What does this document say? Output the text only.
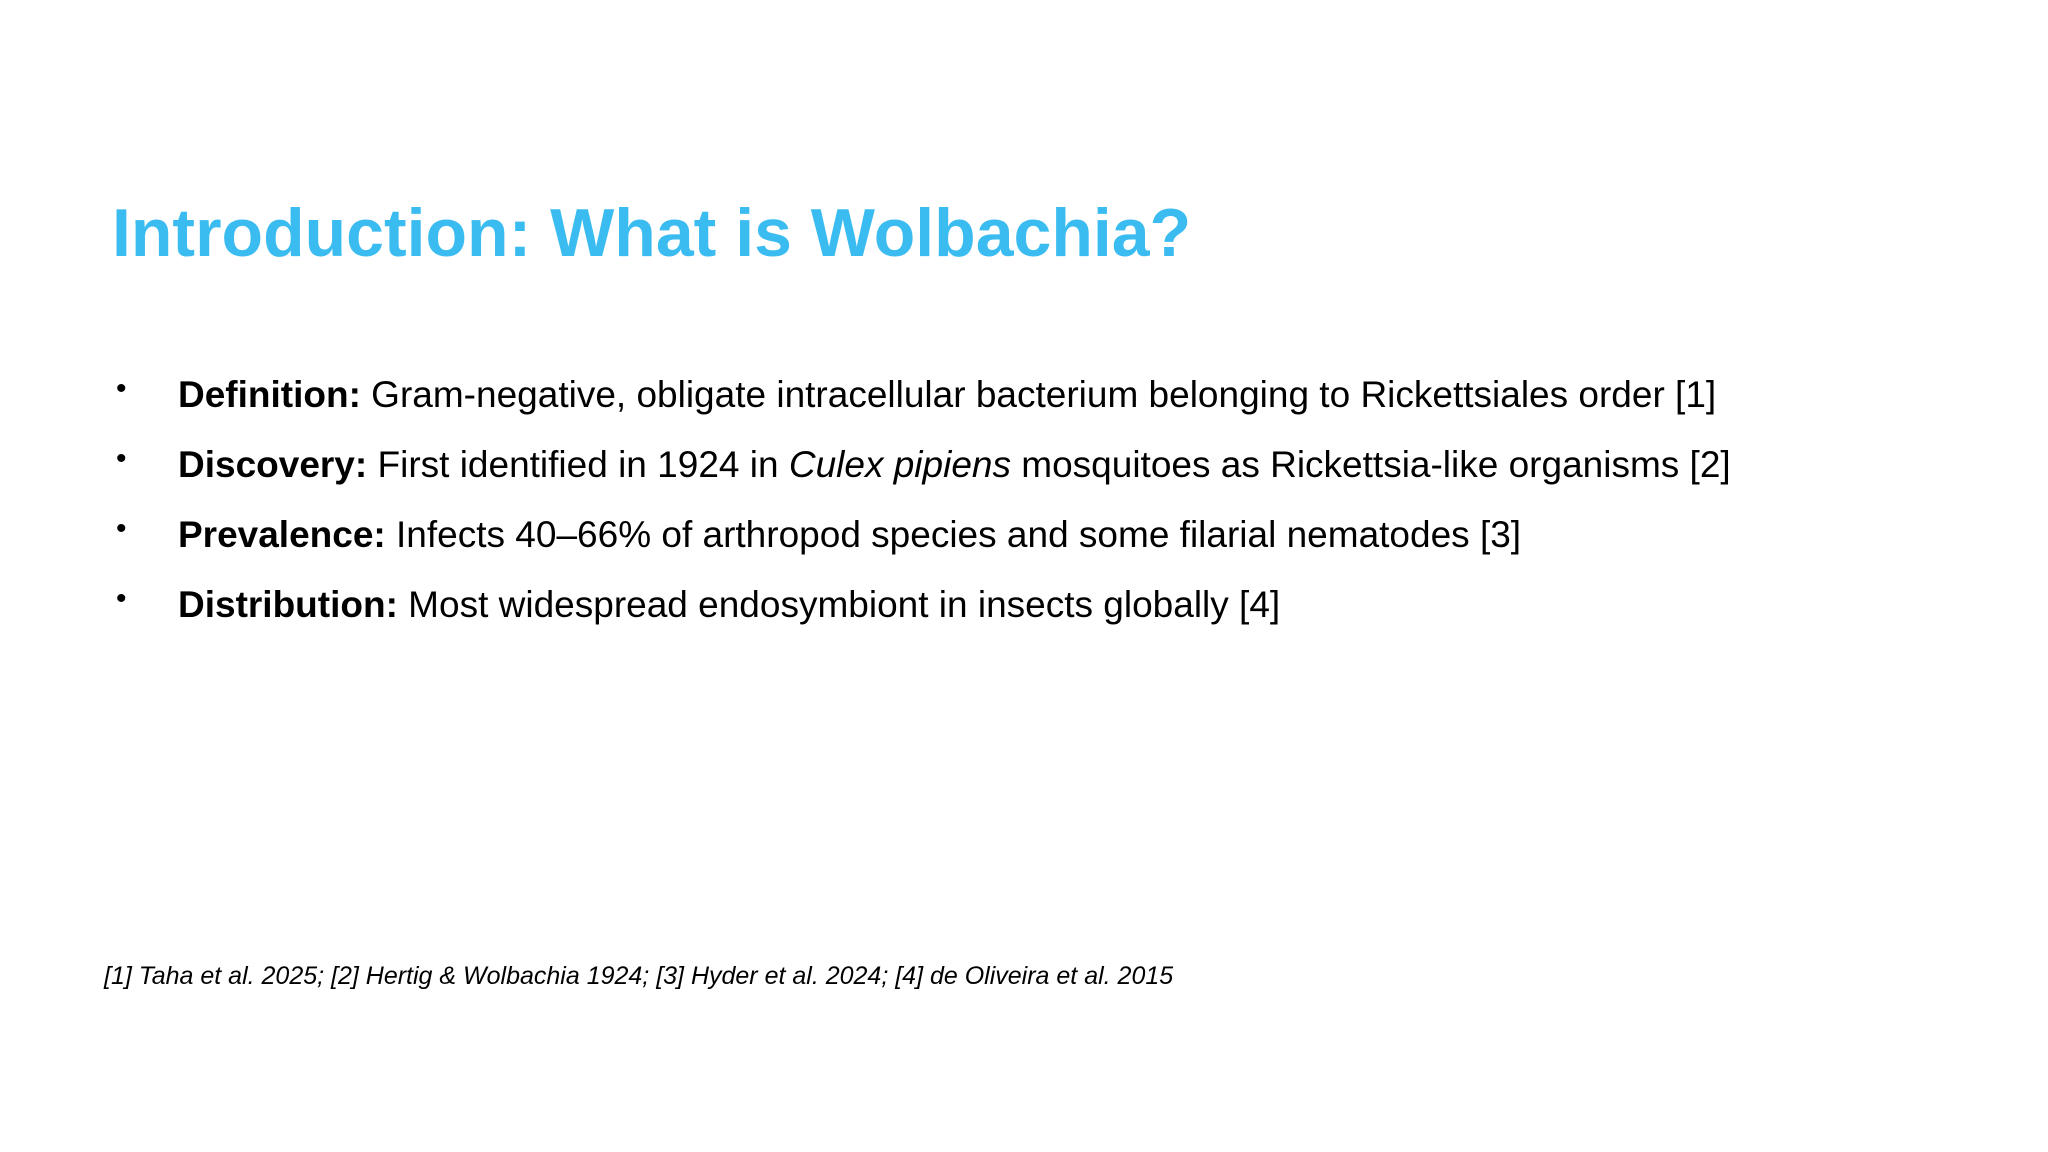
Introduction: What is Wolbachia?
• Definition: Gram-negative, obligate intracellular bacterium belonging to Rickettsiales order [1]
• Discovery: First identified in 1924 in Culex pipiens mosquitoes as Rickettsia-like organisms [2]
• Prevalence: Infects 40–66% of arthropod species and some filarial nematodes [3]
• Distribution: Most widespread endosymbiont in insects globally [4]

[1] Taha et al. 2025; [2] Hertig & Wolbachia 1924; [3] Hyder et al. 2024; [4] de Oliveira et al. 2015
